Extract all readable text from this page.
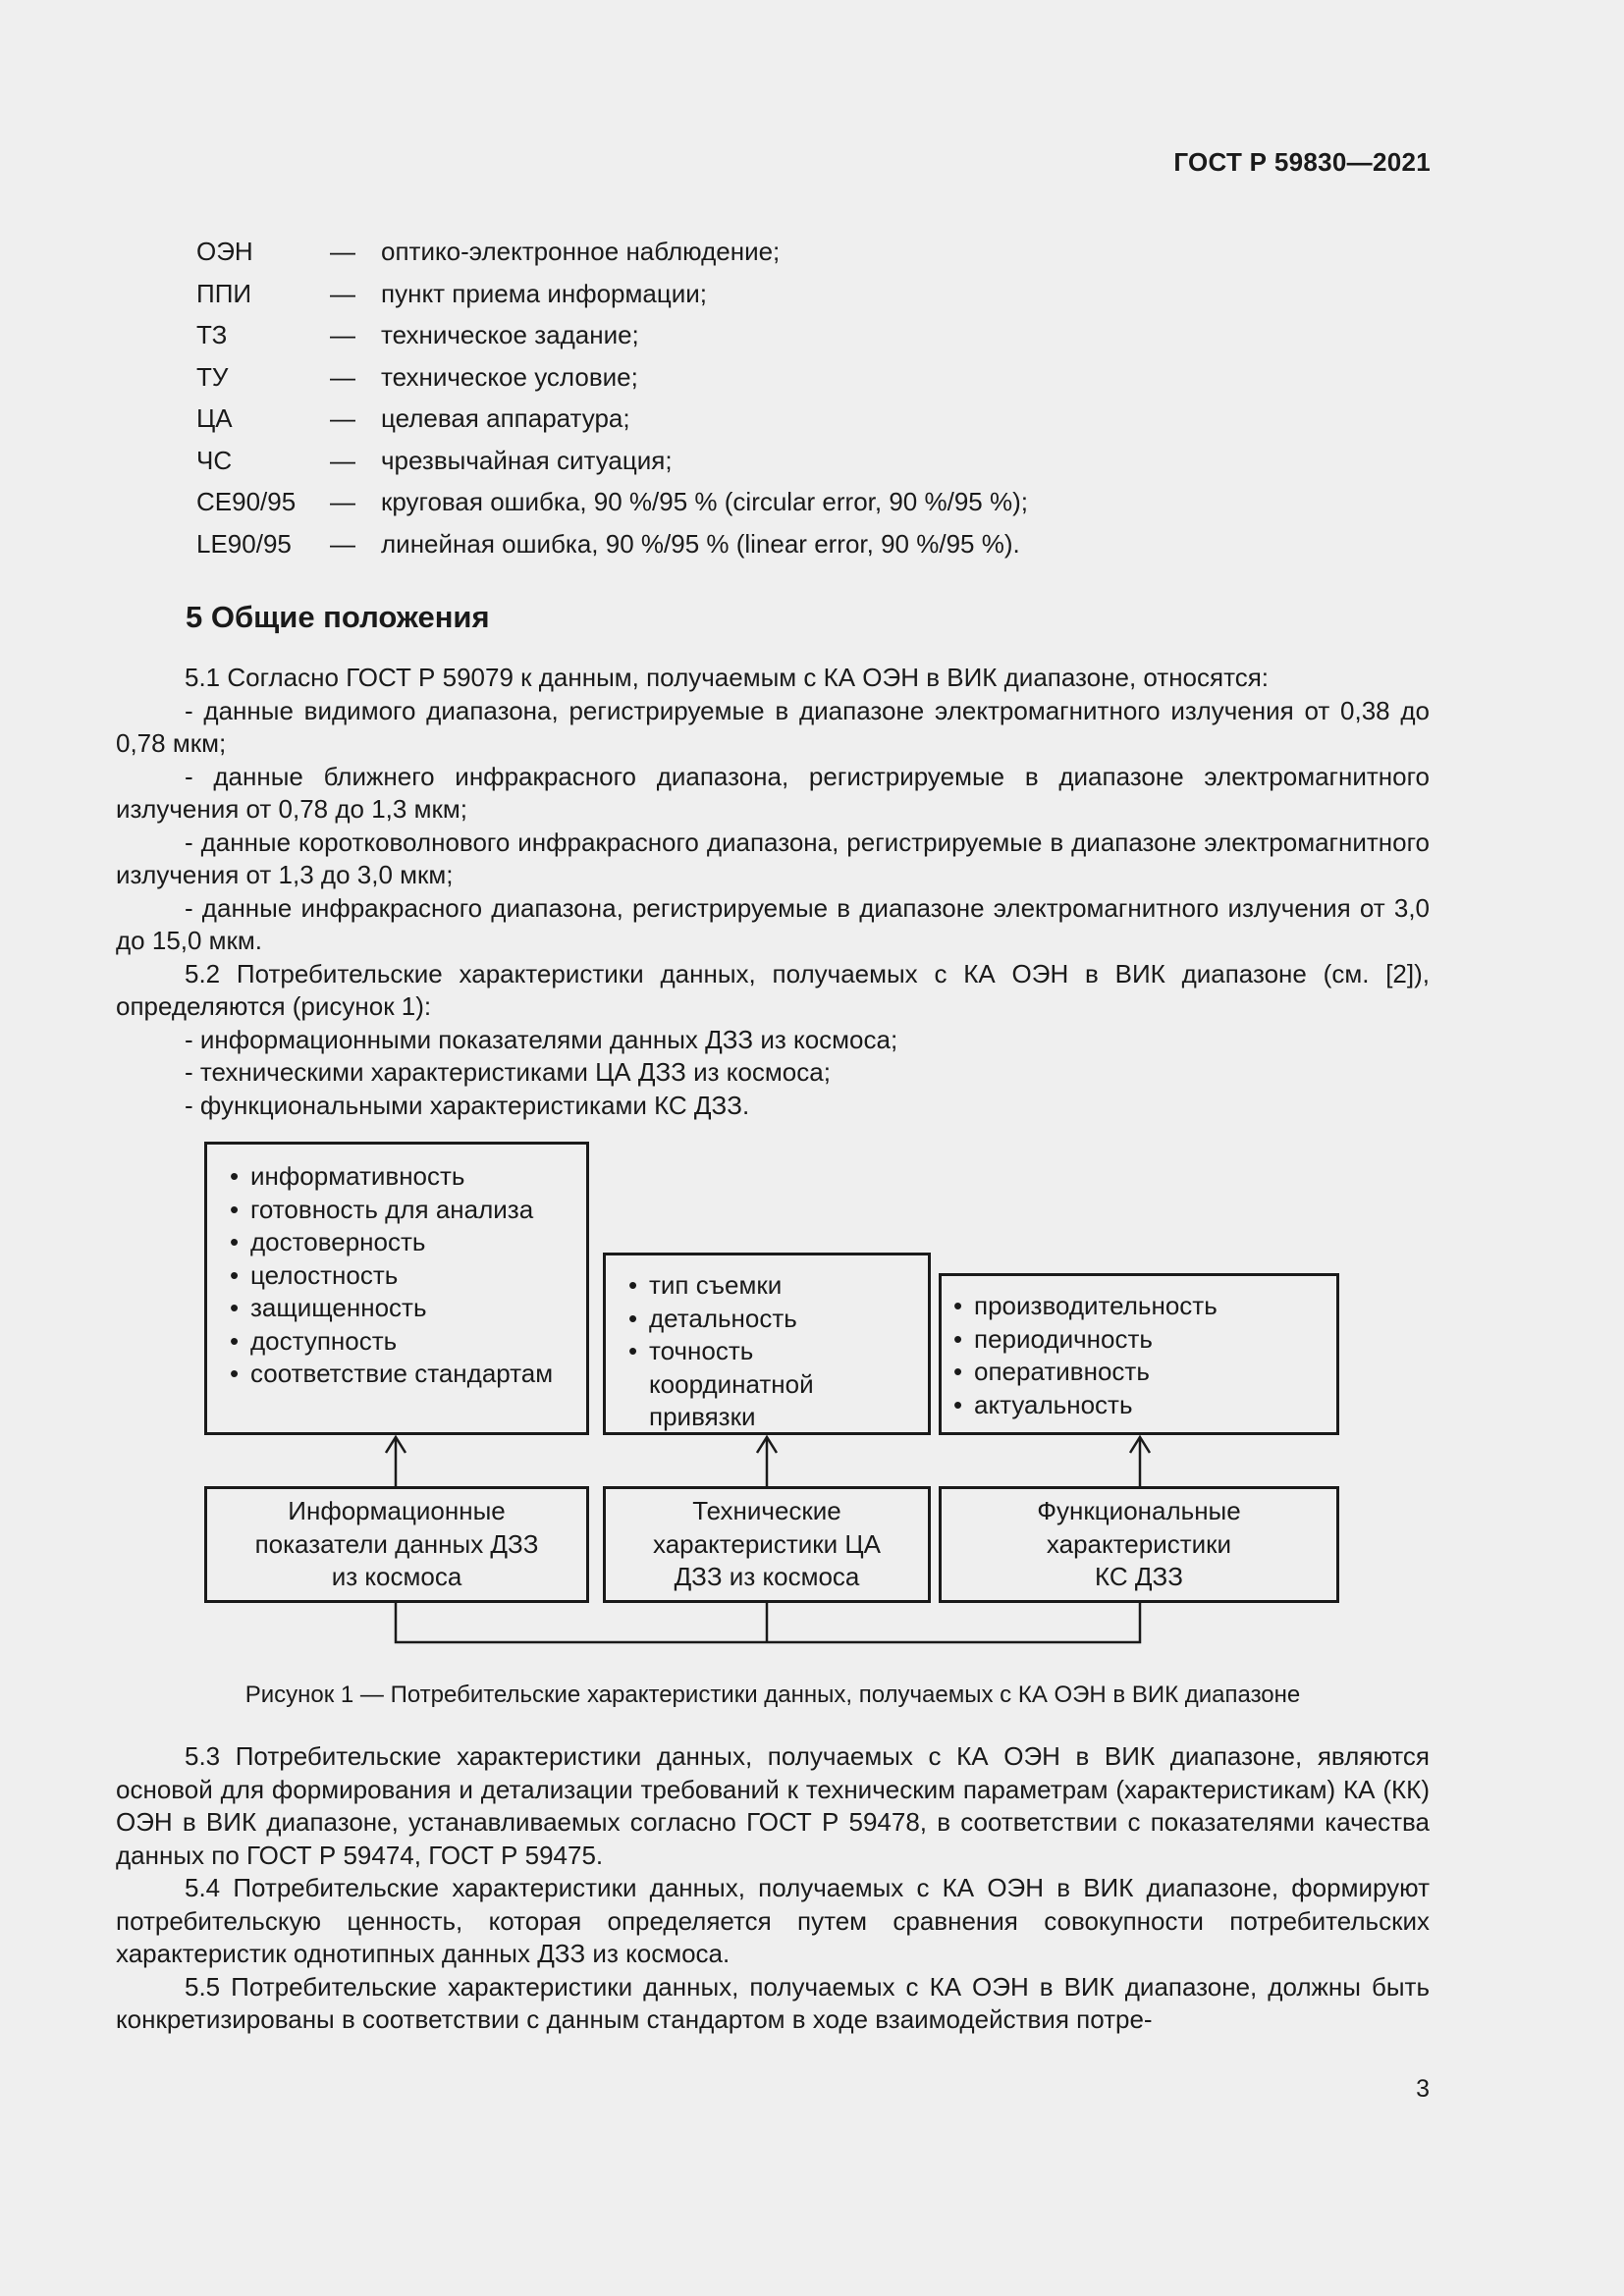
ГОСТ Р 59830—2021
ОЭН	—	оптико-электронное наблюдение;
ППИ	—	пункт приема информации;
ТЗ	—	техническое задание;
ТУ	—	техническое условие;
ЦА	—	целевая аппаратура;
ЧС	—	чрезвычайная ситуация;
CE90/95	—	круговая ошибка, 90 %/95 % (circular error, 90 %/95 %);
LE90/95	—	линейная ошибка, 90 %/95 % (linear error, 90 %/95 %).
5 Общие положения

5.1 Согласно ГОСТ Р 59079 к данным, получаемым с КА ОЭН в ВИК диапазоне, относятся:

- данные видимого диапазона, регистрируемые в диапазоне электромагнитного излучения от 0,38 до 0,78 мкм;

- данные ближнего инфракрасного диапазона, регистрируемые в диапазоне электромагнитного излучения от 0,78 до 1,3 мкм;

- данные коротковолнового инфракрасного диапазона, регистрируемые в диапазоне электромагнитного излучения от 1,3 до 3,0 мкм;

- данные инфракрасного диапазона, регистрируемые в диапазоне электромагнитного излучения от 3,0 до 15,0 мкм.

5.2 Потребительские характеристики данных, получаемых с КА ОЭН в ВИК диапазоне (см. [2]), определяются (рисунок 1):

- информационными показателями данных ДЗЗ из космоса;

- техническими характеристиками ЦА ДЗЗ из космоса;

- функциональными характеристиками КС ДЗЗ.

• информативность
• готовность для анализа
• достоверность
• целостность
• защищенность
• доступность
• соответствие стандартам
• тип съемки
• детальность
• точность координатной привязки
• производительность
• периодичность
• оперативность
• актуальность
Информационные
показатели данных ДЗЗ
из космоса
Технические
характеристики ЦА
ДЗЗ из космоса
Функциональные
характеристики
КС ДЗЗ
Рисунок 1 — Потребительские характеристики данных, получаемых с КА ОЭН в ВИК диапазоне

5.3 Потребительские характеристики данных, получаемых с КА ОЭН в ВИК диапазоне, являются основой для формирования и детализации требований к техническим параметрам (характеристикам) КА (КК) ОЭН в ВИК диапазоне, устанавливаемых согласно ГОСТ Р 59478, в соответствии с показателями качества данных по ГОСТ Р 59474, ГОСТ Р 59475.

5.4 Потребительские характеристики данных, получаемых с КА ОЭН в ВИК диапазоне, формируют потребительскую ценность, которая определяется путем сравнения совокупности потребительских характеристик однотипных данных ДЗЗ из космоса.

5.5 Потребительские характеристики данных, получаемых с КА ОЭН в ВИК диапазоне, должны быть конкретизированы в соответствии с данным стандартом в ходе взаимодействия потре-

3
